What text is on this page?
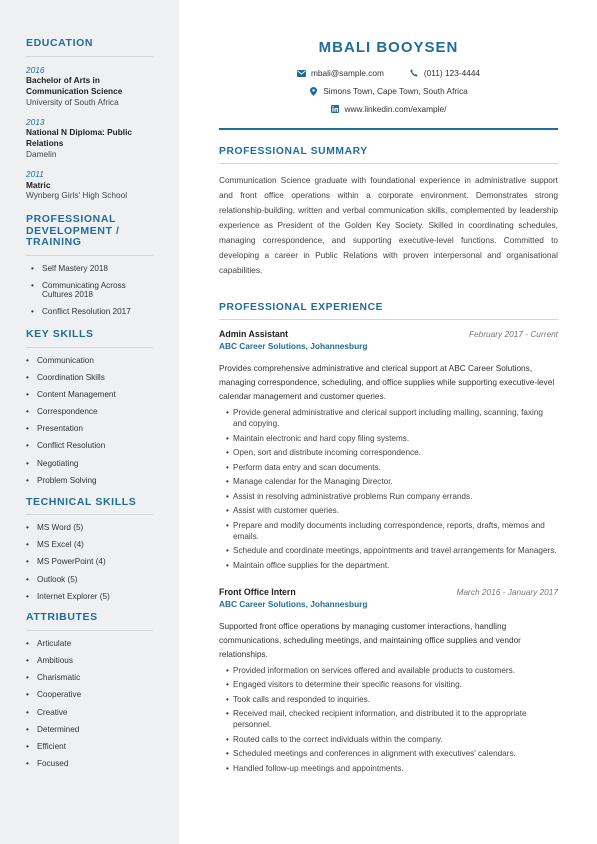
EDUCATION
2016
Bachelor of Arts in Communication Science
University of South Africa
2013
National N Diploma: Public Relations
Damelin
2011
Matric
Wynberg Girls' High School
PROFESSIONAL DEVELOPMENT / TRAINING
• Self Mastery 2018
• Communicating Across Cultures 2018
• Conflict Resolution 2017
KEY SKILLS
• Communication
• Coordination Skills
• Content Management
• Correspondence
• Presentation
• Conflict Resolution
• Negotiating
• Problem Solving
TECHNICAL SKILLS
• MS Word (5)
• MS Excel (4)
• MS PowerPoint (4)
• Outlook (5)
• Internet Explorer (5)
ATTRIBUTES
• Articulate
• Ambitious
• Charismatic
• Cooperative
• Creative
• Determined
• Efficient
• Focused
MBALI BOOYSEN
mbali@sample.com	(011) 123-4444
Simons Town, Cape Town, South Africa
www.linkedin.com/example/
PROFESSIONAL SUMMARY

Communication Science graduate with foundational experience in administrative support and front office operations within a corporate environment. Demonstrates strong relationship-building, written and verbal communication skills, complemented by leadership experience as President of the Golden Key Society. Skilled in coordinating schedules, managing correspondence, and supporting executive-level functions. Committed to developing a career in Public Relations with proven interpersonal and organisational capabilities.

PROFESSIONAL EXPERIENCE
Admin Assistant	February 2017 - Current
ABC Career Solutions, Johannesburg

Provides comprehensive administrative and clerical support at ABC Career Solutions, managing correspondence, scheduling, and office supplies while supporting executive-level calendar management and customer queries.

• Provide general administrative and clerical support including mailing, scanning, faxing and copying.
• Maintain electronic and hard copy filing systems.
• Open, sort and distribute incoming correspondence.
• Perform data entry and scan documents.
• Manage calendar for the Managing Director.
• Assist in resolving administrative problems Run company errands.
• Assist with customer queries.
• Prepare and modify documents including correspondence, reports, drafts, memos and emails.
• Schedule and coordinate meetings, appointments and travel arrangements for Managers.
• Maintain office supplies for the department.
Front Office Intern	March 2016 - January 2017
ABC Career Solutions, Johannesburg

Supported front office operations by managing customer interactions, handling communications, scheduling meetings, and maintaining office supplies and vendor relationships.

• Provided information on services offered and available products to customers.
• Engaged visitors to determine their specific reasons for visiting.
• Took calls and responded to inquiries.
• Received mail, checked recipient information, and distributed it to the appropriate personnel.
• Routed calls to the correct individuals within the company.
• Scheduled meetings and conferences in alignment with executives' calendars.
• Handled follow-up meetings and appointments.
